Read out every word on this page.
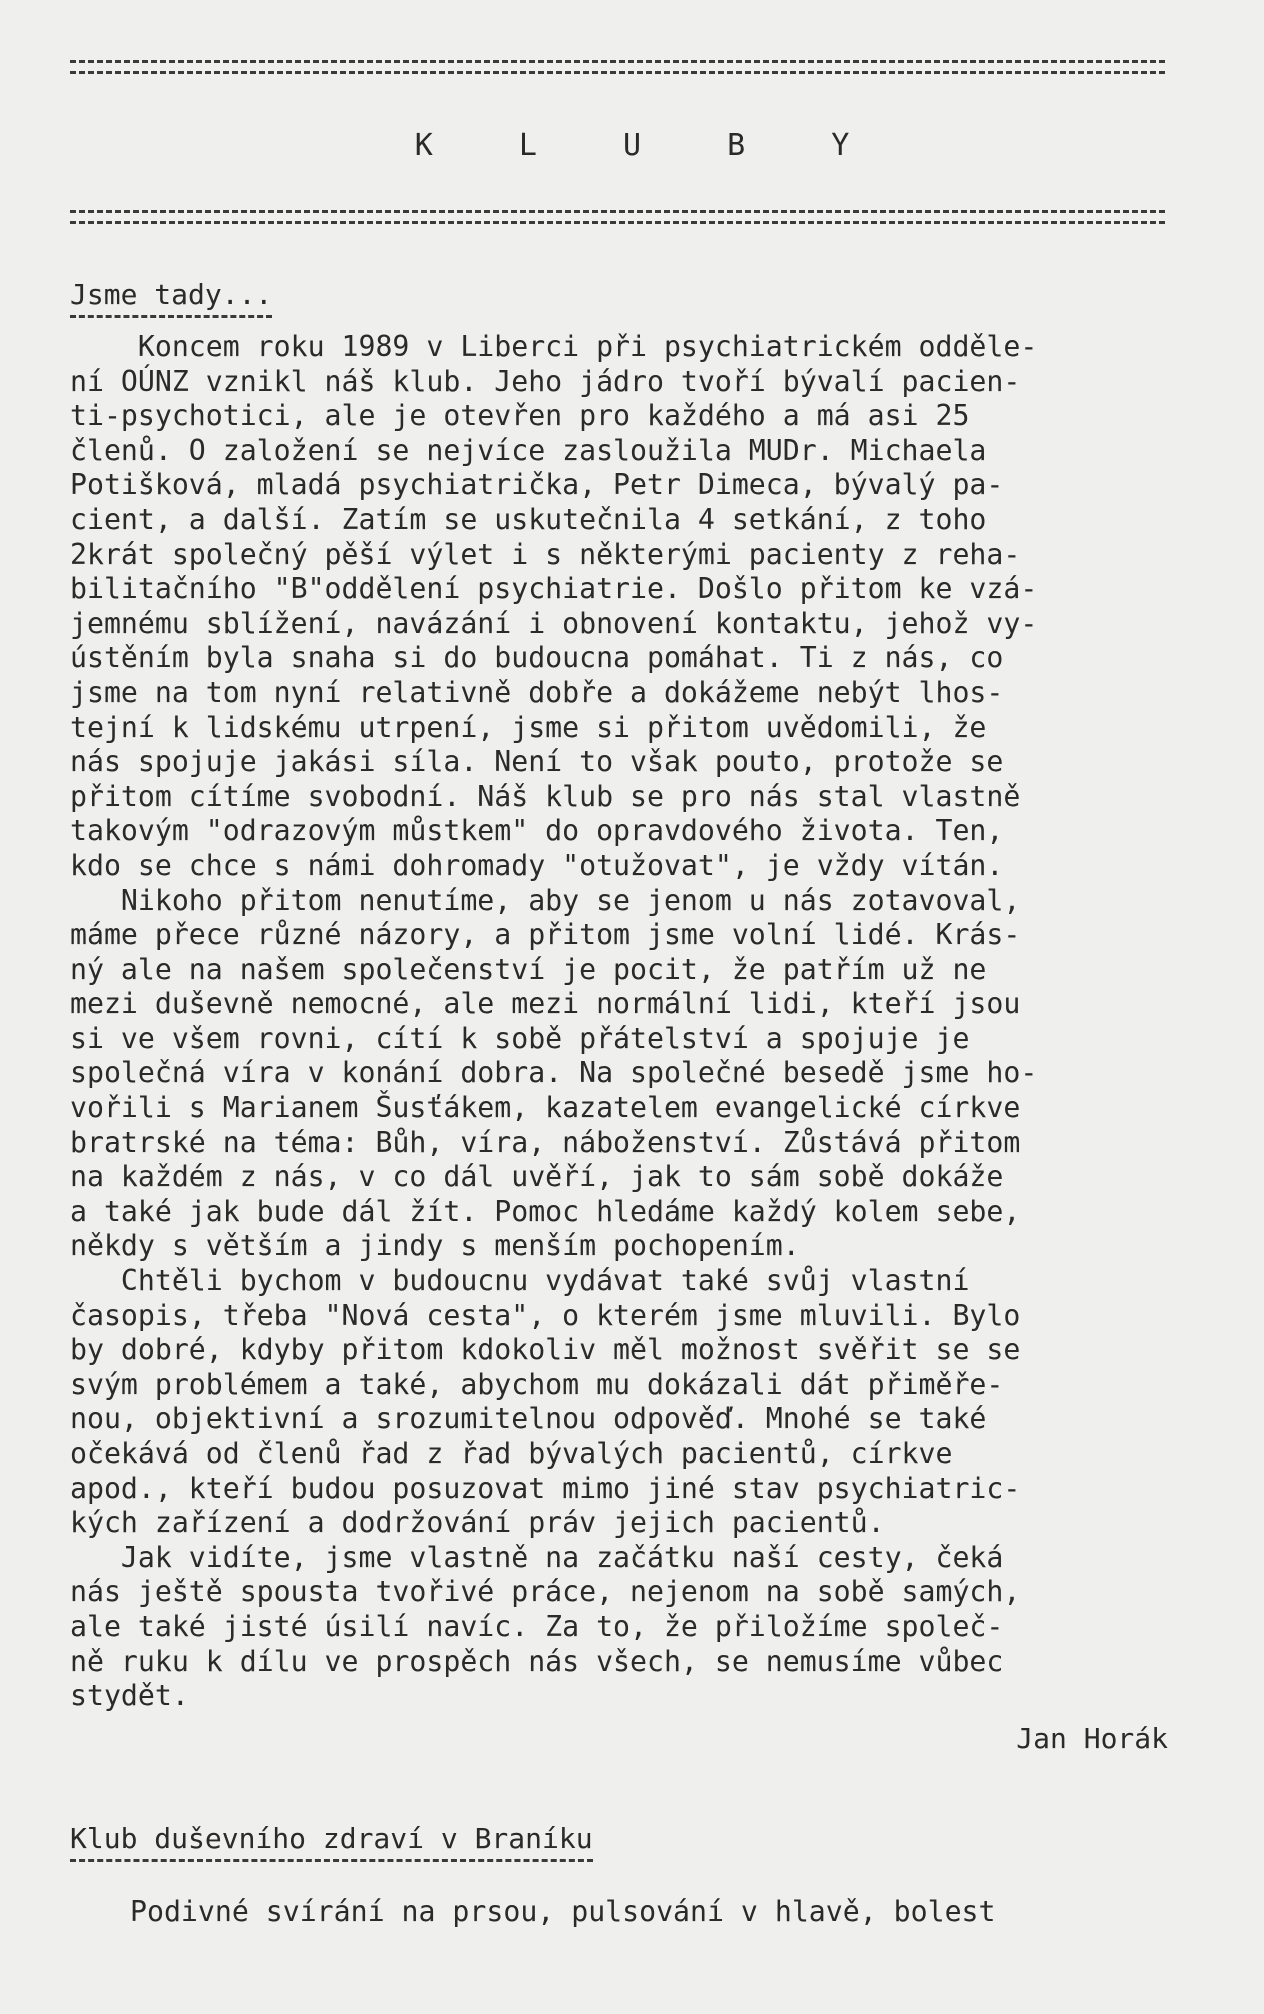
K L U B Y
Jsme tady...

Koncem roku 1989 v Liberci při psychiatrickém odděle-

ní OÚNZ vznikl náš klub. Jeho jádro tvoří bývalí pacien-

ti-psychotici, ale je otevřen pro každého a má asi 25

členů. O založení se nejvíce zasloužila MUDr. Michaela

Potišková, mladá psychiatrička, Petr Dimeca, bývalý pa-

cient, a další. Zatím se uskutečnila 4 setkání, z toho

2krát společný pěší výlet i s některými pacienty z reha-

bilitačního "B"oddělení psychiatrie. Došlo přitom ke vzá-

jemnému sblížení, navázání i obnovení kontaktu, jehož vy-

ústěním byla snaha si do budoucna pomáhat. Ti z nás, co

jsme na tom nyní relativně dobře a dokážeme nebýt lhos-

tejní k lidskému utrpení, jsme si přitom uvědomili, že

nás spojuje jakási síla. Není to však pouto, protože se

přitom cítíme svobodní. Náš klub se pro nás stal vlastně

takovým "odrazovým můstkem" do opravdového života. Ten,

kdo se chce s námi dohromady "otužovat", je vždy vítán.

Nikoho přitom nenutíme, aby se jenom u nás zotavoval,

máme přece různé názory, a přitom jsme volní lidé. Krás-

ný ale na našem společenství je pocit, že patřím už ne

mezi duševně nemocné, ale mezi normální lidi, kteří jsou

si ve všem rovni, cítí k sobě přátelství a spojuje je

společná víra v konání dobra. Na společné besedě jsme ho-

vořili s Marianem Šusťákem, kazatelem evangelické církve

bratrské na téma: Bůh, víra, náboženství. Zůstává přitom

na každém z nás, v co dál uvěří, jak to sám sobě dokáže

a také jak bude dál žít. Pomoc hledáme každý kolem sebe,

někdy s větším a jindy s menším pochopením.

Chtěli bychom v budoucnu vydávat také svůj vlastní

časopis, třeba "Nová cesta", o kterém jsme mluvili. Bylo

by dobré, kdyby přitom kdokoliv měl možnost svěřit se se

svým problémem a také, abychom mu dokázali dát přiměře-

nou, objektivní a srozumitelnou odpověď. Mnohé se také

očekává od členů řad z řad bývalých pacientů, církve

apod., kteří budou posuzovat mimo jiné stav psychiatric-

kých zařízení a dodržování práv jejich pacientů.

Jak vidíte, jsme vlastně na začátku naší cesty, čeká

nás ještě spousta tvořivé práce, nejenom na sobě samých,

ale také jisté úsilí navíc. Za to, že přiložíme společ-

ně ruku k dílu ve prospěch nás všech, se nemusíme vůbec

stydět.

Jan Horák
Klub duševního zdraví v Braníku
Podivné svírání na prsou, pulsování v hlavě, bolest
